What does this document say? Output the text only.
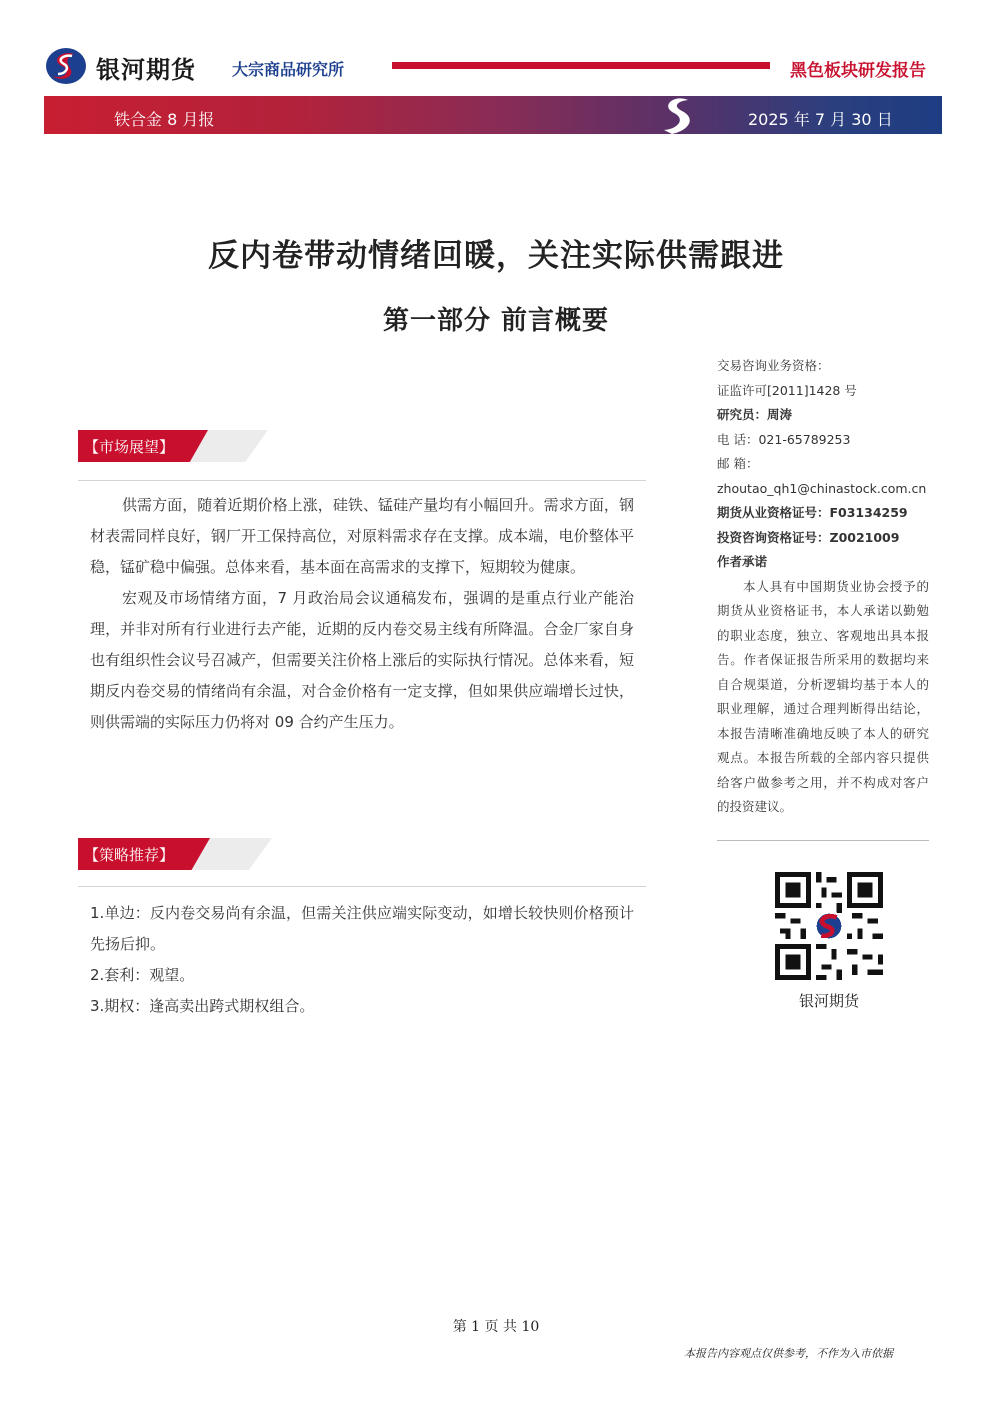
银河期货 大宗商品研究所	黑色板块研发报告
铁合金 8 月报	2025 年 7 月 30 日
反内卷带动情绪回暖，关注实际供需跟进
第一部分 前言概要
【市场展望】

供需方面，随着近期价格上涨，硅铁、锰硅产量均有小幅回升。需求方面，钢材表需同样良好，钢厂开工保持高位，对原料需求存在支撑。成本端，电价整体平稳，锰矿稳中偏强。总体来看，基本面在高需求的支撑下，短期较为健康。

宏观及市场情绪方面，7 月政治局会议通稿发布，强调的是重点行业产能治理，并非对所有行业进行去产能，近期的反内卷交易主线有所降温。合金厂家自身也有组织性会议号召减产，但需要关注价格上涨后的实际执行情况。总体来看，短期反内卷交易的情绪尚有余温，对合金价格有一定支撑，但如果供应端增长过快，则供需端的实际压力仍将对 09 合约产生压力。

【策略推荐】

1.单边：反内卷交易尚有余温，但需关注供应端实际变动，如增长较快则价格预计先扬后抑。

2.套利：观望。

3.期权：逢高卖出跨式期权组合。

交易咨询业务资格：
证监许可[2011]1428 号
研究员：周涛
电 话：021-65789253
邮 箱：
zhoutao_qh1@chinastock.com.cn
期货从业资格证号：F03134259
投资咨询资格证号：Z0021009
作者承诺
本人具有中国期货业协会授予的期货从业资格证书，本人承诺以勤勉的职业态度，独立、客观地出具本报告。作者保证报告所采用的数据均来自合规渠道，分析逻辑均基于本人的职业理解，通过合理判断得出结论，本报告清晰准确地反映了本人的研究观点。本报告所载的全部内容只提供给客户做参考之用，并不构成对客户的投资建议。
银河期货
第 1 页 共 10
本报告内容观点仅供参考，不作为入市依据
